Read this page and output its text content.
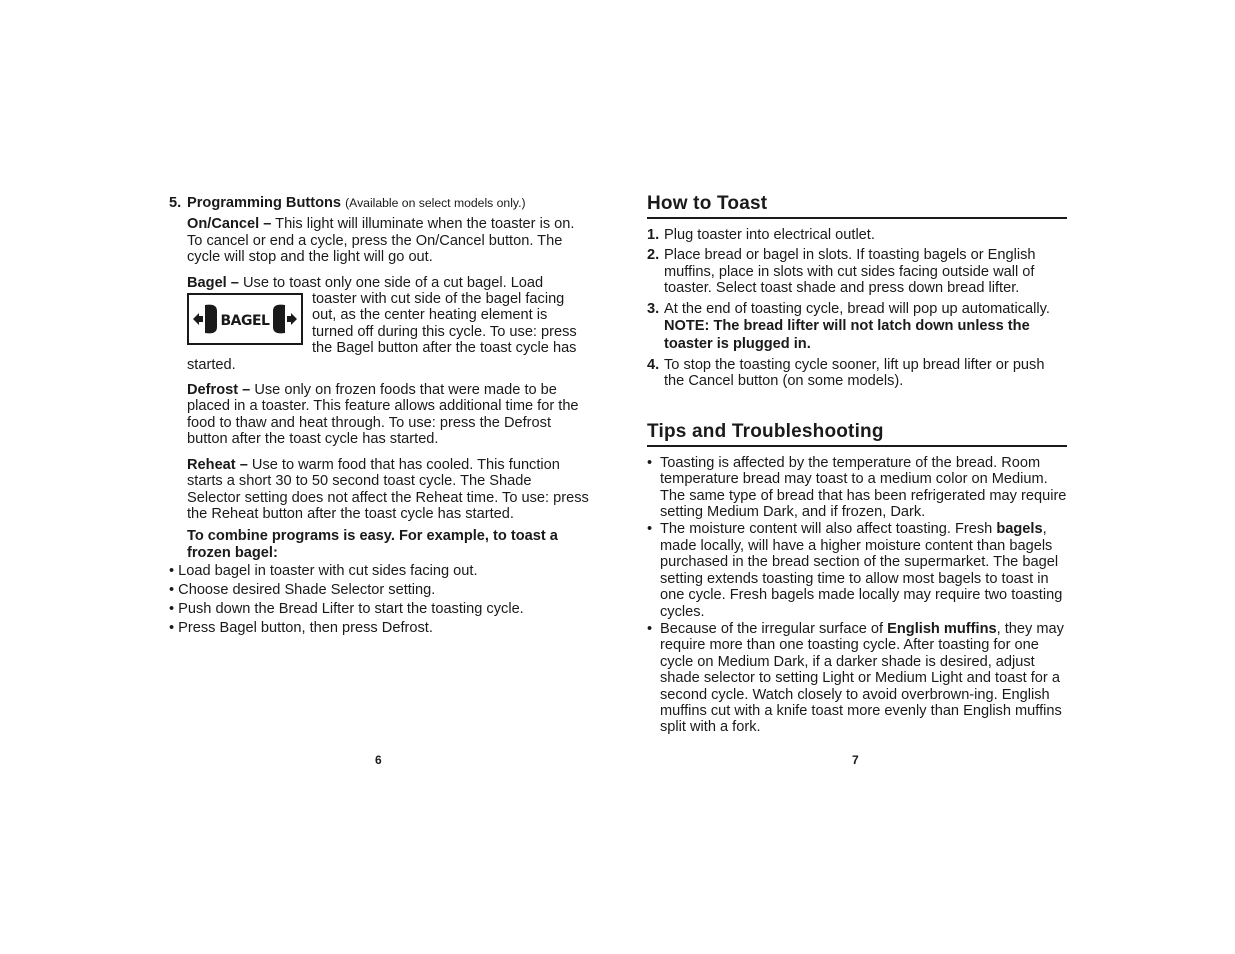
5. Programming Buttons (Available on select models only.)

On/Cancel – This light will illuminate when the toaster is on. To cancel or end a cycle, press the On/Cancel button. The cycle will stop and the light will go out.

Bagel – Use to toast only one side of a cut bagel. Load

BAGEL

toaster with cut side of the bagel facing out, as the center heating element is turned off during this cycle. To use: press the Bagel button after the toast cycle has started.

Defrost – Use only on frozen foods that were made to be placed in a toaster. This feature allows additional time for the food to thaw and heat through. To use: press the Defrost button after the toast cycle has started.

Reheat – Use to warm food that has cooled. This function starts a short 30 to 50 second toast cycle. The Shade Selector setting does not affect the Reheat time. To use: press the Reheat button after the toast cycle has started.

To combine programs is easy. For example, to toast a frozen bagel:

• Load bagel in toaster with cut sides facing out.
• Choose desired Shade Selector setting.
• Push down the Bread Lifter to start the toasting cycle.
• Press Bagel button, then press Defrost.
6
How to Toast
1. Plug toaster into electrical outlet.
2. Place bread or bagel in slots. If toasting bagels or English muffins, place in slots with cut sides facing outside wall of toaster. Select toast shade and press down bread lifter.
3. At the end of toasting cycle, bread will pop up automatically.
NOTE: The bread lifter will not latch down unless the toaster is plugged in.
4. To stop the toasting cycle sooner, lift up bread lifter or push the Cancel button (on some models).
Tips and Troubleshooting
• Toasting is affected by the temperature of the bread. Room temperature bread may toast to a medium color on Medium. The same type of bread that has been refrigerated may require setting Medium Dark, and if frozen, Dark.
• The moisture content will also affect toasting. Fresh bagels, made locally, will have a higher moisture content than bagels purchased in the bread section of the supermarket. The bagel setting extends toasting time to allow most bagels to toast in one cycle. Fresh bagels made locally may require two toasting cycles.
• Because of the irregular surface of English muffins, they may require more than one toasting cycle. After toasting for one cycle on Medium Dark, if a darker shade is desired, adjust shade selector to setting Light or Medium Light and toast for a second cycle. Watch closely to avoid overbrown-ing. English muffins cut with a knife toast more evenly than English muffins split with a fork.
7
